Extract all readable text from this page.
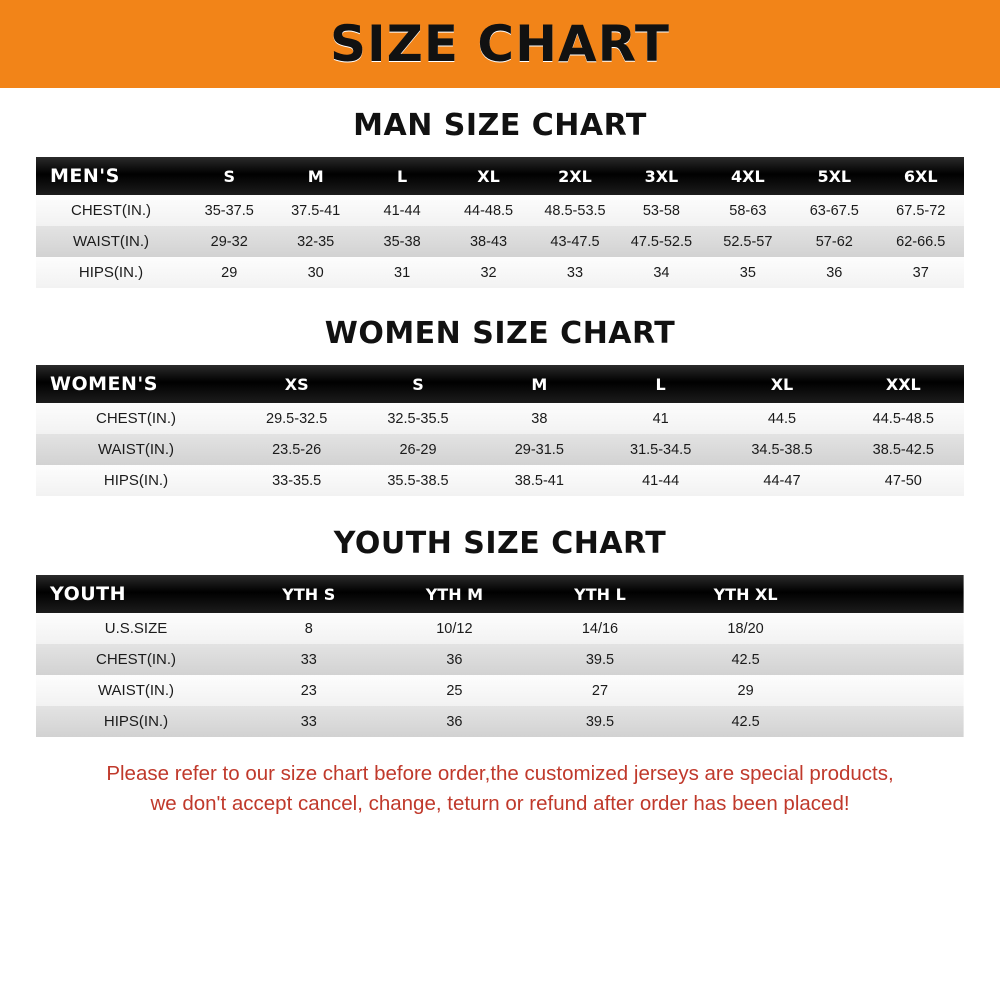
SIZE CHART
MAN SIZE CHART
MEN'S	S	M	L	XL	2XL	3XL	4XL	5XL	6XL
CHEST(IN.)	35-37.5	37.5-41	41-44	44-48.5	48.5-53.5	53-58	58-63	63-67.5	67.5-72
WAIST(IN.)	29-32	32-35	35-38	38-43	43-47.5	47.5-52.5	52.5-57	57-62	62-66.5
HIPS(IN.)	29	30	31	32	33	34	35	36	37
WOMEN SIZE CHART
WOMEN'S	XS	S	M	L	XL	XXL
CHEST(IN.)	29.5-32.5	32.5-35.5	38	41	44.5	44.5-48.5
WAIST(IN.)	23.5-26	26-29	29-31.5	31.5-34.5	34.5-38.5	38.5-42.5
HIPS(IN.)	33-35.5	35.5-38.5	38.5-41	41-44	44-47	47-50
YOUTH SIZE CHART
YOUTH	YTH S	YTH M	YTH L	YTH XL	
U.S.SIZE	8	10/12	14/16	18/20	
CHEST(IN.)	33	36	39.5	42.5	
WAIST(IN.)	23	25	27	29	
HIPS(IN.)	33	36	39.5	42.5	
Please refer to our size chart before order,the customized jerseys are special products,
we don't accept cancel, change, teturn or refund after order has been placed!
